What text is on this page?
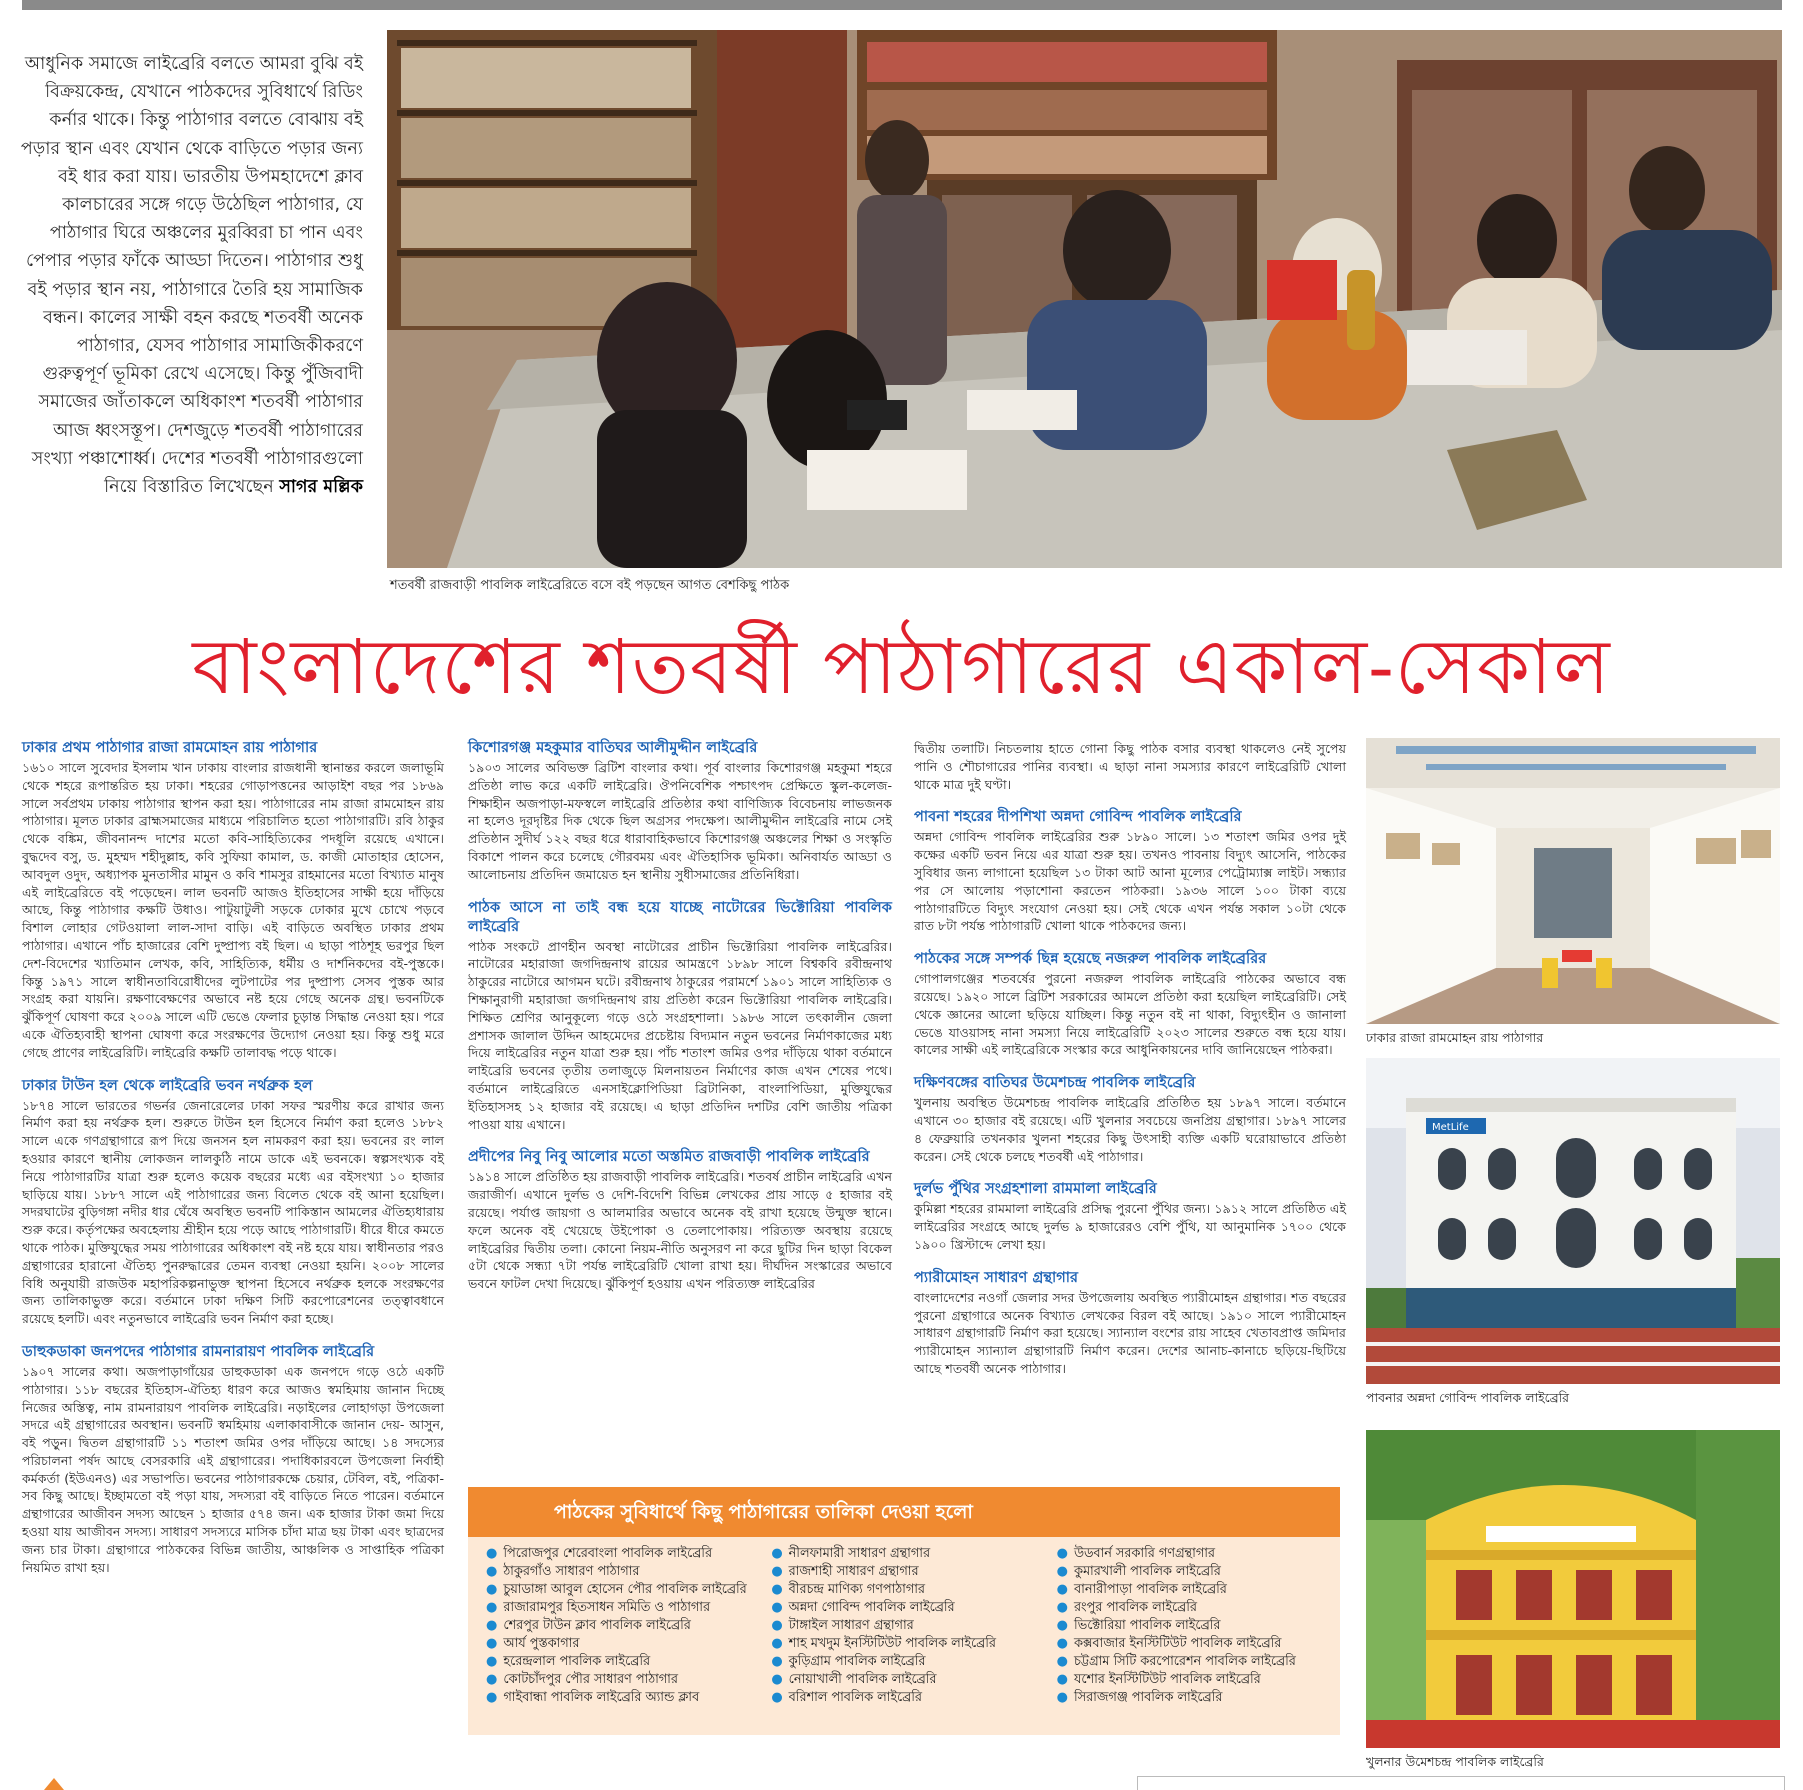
আধুনিক সমাজে লাইব্রেরি বলতে আমরা বুঝি বই বিক্রয়কেন্দ্র, যেখানে পাঠকদের সুবিধার্থে রিডিং কর্নার থাকে। কিন্তু পাঠাগার বলতে বোঝায় বই পড়ার স্থান এবং যেখান থেকে বাড়িতে পড়ার জন্য বই ধার করা যায়। ভারতীয় উপমহাদেশে ক্লাব কালচারের সঙ্গে গড়ে উঠেছিল পাঠাগার, যে পাঠাগার ঘিরে অঞ্চলের মুরব্বিরা চা পান এবং পেপার পড়ার ফাঁকে আড্ডা দিতেন। পাঠাগার শুধু বই পড়ার স্থান নয়, পাঠাগারে তৈরি হয় সামাজিক বন্ধন। কালের সাক্ষী বহন করছে শতবর্ষী অনেক পাঠাগার, যেসব পাঠাগার সামাজিকীকরণে গুরুত্বপূর্ণ ভূমিকা রেখে এসেছে। কিন্তু পুঁজিবাদী সমাজের জাঁতাকলে অধিকাংশ শতবর্ষী পাঠাগার আজ ধ্বংসস্তূপ। দেশজুড়ে শতবর্ষী পাঠাগারের সংখ্যা পঞ্চাশোর্ধ্ব। দেশের শতবর্ষী পাঠাগারগুলো নিয়ে বিস্তারিত লিখেছেন সাগর মল্লিক
শতবর্ষী রাজবাড়ী পাবলিক লাইব্রেরিতে বসে বই পড়ছেন আগত বেশকিছু পাঠক
বাংলাদেশের শতবর্ষী পাঠাগারের একাল-সেকাল
ঢাকার প্রথম পাঠাগার রাজা রামমোহন রায় পাঠাগার
১৬১০ সালে সুবেদার ইসলাম খান ঢাকায় বাংলার রাজধানী স্থানান্তর করলে জলাভূমি থেকে শহরে রূপান্তরিত হয় ঢাকা। শহরের গোড়াপত্তনের আড়াইশ বছর পর ১৮৬৯ সালে সর্বপ্রথম ঢাকায় পাঠাগার স্থাপন করা হয়। পাঠাগারের নাম রাজা রামমোহন রায় পাঠাগার। মূলত ঢাকার ব্রাহ্মসমাজের মাধ্যমে পরিচালিত হতো পাঠাগারটি। রবি ঠাকুর থেকে বঙ্কিম, জীবনানন্দ দাশের মতো কবি-সাহিত্যিকের পদধূলি রয়েছে এখানে। বুদ্ধদেব বসু, ড. মুহম্মদ শহীদুল্লাহ, কবি সুফিয়া কামাল, ড. কাজী মোতাহার হোসেন, আবদুল ওদুদ, অধ্যাপক মুনতাসীর মামুন ও কবি শামসুর রাহমানের মতো বিখ্যাত মানুষ এই লাইব্রেরিতে বই পড়েছেন। লাল ভবনটি আজও ইতিহাসের সাক্ষী হয়ে দাঁড়িয়ে আছে, কিন্তু পাঠাগার কক্ষটি উধাও। পাটুয়াটুলী সড়কে ঢোকার মুখে চোখে পড়বে বিশাল লোহার গেটওয়ালা লাল-সাদা বাড়ি। এই বাড়িতে অবস্থিত ঢাকার প্রথম পাঠাগার। এখানে পাঁচ হাজারের বেশি দুষ্প্রাপ্য বই ছিল। এ ছাড়া পাঠশূহ ভরপুর ছিল দেশ-বিদেশের খ্যাতিমান লেখক, কবি, সাহিত্যিক, ধর্মীয় ও দার্শনিকদের বই-পুস্তকে। কিন্তু ১৯৭১ সালে স্বাধীনতাবিরোধীদের লুটপাটের পর দুষ্প্রাপ্য সেসব পুস্তক আর সংগ্রহ করা যায়নি। রক্ষণাবেক্ষণের অভাবে নষ্ট হয়ে গেছে অনেক গ্রন্থ। ভবনটিকে ঝুঁকিপূর্ণ ঘোষণা করে ২০০৯ সালে এটি ভেঙে ফেলার চূড়ান্ত সিদ্ধান্ত নেওয়া হয়। পরে একে ঐতিহ্যবাহী স্থাপনা ঘোষণা করে সংরক্ষণের উদ্যোগ নেওয়া হয়। কিন্তু শুধু মরে গেছে প্রাণের লাইব্রেরিটি। লাইব্রেরি কক্ষটি তালাবদ্ধ পড়ে থাকে।
ঢাকার টাউন হল থেকে লাইব্রেরি ভবন নর্থব্রুক হল
১৮৭৪ সালে ভারতের গভর্নর জেনারেলের ঢাকা সফর স্মরণীয় করে রাখার জন্য নির্মাণ করা হয় নর্থব্রুক হল। শুরুতে টাউন হল হিসেবে নির্মাণ করা হলেও ১৮৮২ সালে একে গণগ্রন্থাগারে রূপ দিয়ে জনসন হল নামকরণ করা হয়। ভবনের রং লাল হওয়ার কারণে স্থানীয় লোকজন লালকুঠি নামে ডাকে এই ভবনকে। স্বল্পসংখ্যক বই নিয়ে পাঠাগারটির যাত্রা শুরু হলেও কয়েক বছরের মধ্যে এর বইসংখ্যা ১০ হাজার ছাড়িয়ে যায়। ১৮৮৭ সালে এই পাঠাগারের জন্য বিলেত থেকে বই আনা হয়েছিল। সদরঘাটের বুড়িগঙ্গা নদীর ধার ঘেঁষে অবস্থিত ভবনটি পাকিস্তান আমলের ঐতিহ্যধারায় শুরু করে। কর্তৃপক্ষের অবহেলায় শ্রীহীন হয়ে পড়ে আছে পাঠাগারটি। ধীরে ধীরে কমতে থাকে পাঠক। মুক্তিযুদ্ধের সময় পাঠাগারের অধিকাংশ বই নষ্ট হয়ে যায়। স্বাধীনতার পরও গ্রন্থাগারের হারানো ঐতিহ্য পুনরুদ্ধারের তেমন ব্যবস্থা নেওয়া হয়নি। ২০০৮ সালের বিধি অনুযায়ী রাজউক মহাপরিকল্পনাভুক্ত স্থাপনা হিসেবে নর্থব্রুক হলকে সংরক্ষণের জন্য তালিকাভুক্ত করে। বর্তমানে ঢাকা দক্ষিণ সিটি করপোরেশনের তত্ত্বাবধানে রয়েছে হলটি। এবং নতুনভাবে লাইব্রেরি ভবন নির্মাণ করা হচ্ছে।
ডাহুকডাকা জনপদের পাঠাগার রামনারায়ণ পাবলিক লাইব্রেরি
১৯০৭ সালের কথা। অজপাড়াগাঁয়ের ডাহুকডাকা এক জনপদে গড়ে ওঠে একটি পাঠাগার। ১১৮ বছরের ইতিহাস-ঐতিহ্য ধারণ করে আজও স্বমহিমায় জানান দিচ্ছে নিজের অস্তিত্ব, নাম রামনারায়ণ পাবলিক লাইব্রেরি। নড়াইলের লোহাগড়া উপজেলা সদরে এই গ্রন্থাগারের অবস্থান। ভবনটি স্বমহিমায় এলাকাবাসীকে জানান দেয়- আসুন, বই পড়ুন। দ্বিতল গ্রন্থাগারটি ১১ শতাংশ জমির ওপর দাঁড়িয়ে আছে। ১৪ সদস্যের পরিচালনা পর্ষদ আছে বেসরকারি এই গ্রন্থাগারের। পদাধিকারবলে উপজেলা নির্বাহী কর্মকর্তা (ইউএনও) এর সভাপতি। ভবনের পাঠাগারকক্ষে চেয়ার, টেবিল, বই, পত্রিকা- সব কিছু আছে। ইচ্ছামতো বই পড়া যায়, সদস্যরা বই বাড়িতে নিতে পারেন। বর্তমানে গ্রন্থাগারের আজীবন সদস্য আছেন ১ হাজার ৫৭৪ জন। এক হাজার টাকা জমা দিয়ে হওয়া যায় আজীবন সদস্য। সাধারণ সদস্যরে মাসিক চাঁদা মাত্র ছয় টাকা এবং ছাত্রদের জন্য চার টাকা। গ্রন্থাগারে পাঠককের বিভিন্ন জাতীয়, আঞ্চলিক ও সাপ্তাহিক পত্রিকা নিয়মিত রাখা হয়।
কিশোরগঞ্জ মহকুমার বাতিঘর আলীমুদ্দীন লাইব্রেরি
১৯০৩ সালের অবিভক্ত ব্রিটিশ বাংলার কথা। পূর্ব বাংলার কিশোরগঞ্জ মহকুমা শহরে প্রতিষ্ঠা লাভ করে একটি লাইব্রেরি। ঔপনিবেশিক পশ্চাৎপদ প্রেক্ষিতে স্কুল-কলেজ-শিক্ষাহীন অজপাড়া-মফস্বলে লাইব্রেরি প্রতিষ্ঠার কথা বাণিজ্যিক বিবেচনায় লাভজনক না হলেও দূরদৃষ্টির দিক থেকে ছিল অগ্রসর পদক্ষেপ। আলীমুদ্দীন লাইব্রেরি নামে সেই প্রতিষ্ঠান সুদীর্ঘ ১২২ বছর ধরে ধারাবাহিকভাবে কিশোরগঞ্জ অঞ্চলের শিক্ষা ও সংস্কৃতি বিকাশে পালন করে চলেছে গৌরবময় এবং ঐতিহাসিক ভূমিকা। অনিবার্যত আড্ডা ও আলোচনায় প্রতিদিন জমায়েত হন স্থানীয় সুধীসমাজের প্রতিনিধিরা।
পাঠক আসে না তাই বন্ধ হয়ে যাচ্ছে নাটোরের ভিক্টোরিয়া পাবলিক লাইব্রেরি
পাঠক সংকটে প্রাণহীন অবস্থা নাটোরের প্রাচীন ভিক্টোরিয়া পাবলিক লাইব্রেরির। নাটোরের মহারাজা জগদিন্দ্রনাথ রায়ের আমন্ত্রণে ১৮৯৮ সালে বিশ্বকবি রবীন্দ্রনাথ ঠাকুরের নাটোরে আগমন ঘটে। রবীন্দ্রনাথ ঠাকুরের পরামর্শে ১৯০১ সালে সাহিত্যিক ও শিক্ষানুরাগী মহারাজা জগদিন্দ্রনাথ রায় প্রতিষ্ঠা করেন ভিক্টোরিয়া পাবলিক লাইব্রেরি। শিক্ষিত শ্রেণির আনুকূল্যে গড়ে ওঠে সংগ্রহশালা। ১৯৮৬ সালে তৎকালীন জেলা প্রশাসক জালাল উদ্দিন আহমেদের প্রচেষ্টায় বিদ্যমান নতুন ভবনের নির্মাণকাজের মধ্য দিয়ে লাইব্রেরির নতুন যাত্রা শুরু হয়। পাঁচ শতাংশ জমির ওপর দাঁড়িয়ে থাকা বর্তমানে লাইব্রেরি ভবনের তৃতীয় তলাজুড়ে মিলনায়তন নির্মাণের কাজ এখন শেষের পথে। বর্তমানে লাইব্রেরিতে এনসাইক্লোপিডিয়া ব্রিটানিকা, বাংলাপিডিয়া, মুক্তিযুদ্ধের ইতিহাসসহ ১২ হাজার বই রয়েছে। এ ছাড়া প্রতিদিন দশটির বেশি জাতীয় পত্রিকা পাওয়া যায় এখানে।
প্রদীপের নিবু নিবু আলোর মতো অস্তমিত রাজবাড়ী পাবলিক লাইব্রেরি
১৯১৪ সালে প্রতিষ্ঠিত হয় রাজবাড়ী পাবলিক লাইব্রেরি। শতবর্ষ প্রাচীন লাইব্রেরি এখন জরাজীর্ণ। এখানে দুর্লভ ও দেশি-বিদেশি বিভিন্ন লেখকের প্রায় সাড়ে ৫ হাজার বই রয়েছে। পর্যাপ্ত জায়গা ও আলমারির অভাবে অনেক বই রাখা হয়েছে উন্মুক্ত স্থানে। ফলে অনেক বই খেয়েছে উইপোকা ও তেলাপোকায়। পরিত্যক্ত অবস্থায় রয়েছে লাইব্রেরির দ্বিতীয় তলা। কোনো নিয়ম-নীতি অনুসরণ না করে ছুটির দিন ছাড়া বিকেল ৫টা থেকে সন্ধ্যা ৭টা পর্যন্ত লাইব্রেরিটি খোলা রাখা হয়। দীর্ঘদিন সংস্কারের অভাবে ভবনে ফাটল দেখা দিয়েছে। ঝুঁকিপূর্ণ হওয়ায় এখন পরিত্যক্ত লাইব্রেরির
দ্বিতীয় তলাটি। নিচতলায় হাতে গোনা কিছু পাঠক বসার ব্যবস্থা থাকলেও নেই সুপেয় পানি ও শৌচাগারের পানির ব্যবস্থা। এ ছাড়া নানা সমস্যার কারণে লাইব্রেরিটি খোলা থাকে মাত্র দুই ঘণ্টা।
পাবনা শহরের দীপশিখা অন্নদা গোবিন্দ পাবলিক লাইব্রেরি
অন্নদা গোবিন্দ পাবলিক লাইব্রেরির শুরু ১৮৯০ সালে। ১৩ শতাংশ জমির ওপর দুই কক্ষের একটি ভবন নিয়ে এর যাত্রা শুরু হয়। তখনও পাবনায় বিদ্যুৎ আসেনি, পাঠকের সুবিধার জন্য লাগানো হয়েছিল ১৩ টাকা আট আনা মূল্যের পেট্রোম্যাক্স লাইট। সন্ধ্যার পর সে আলোয় পড়াশোনা করতেন পাঠকরা। ১৯৩৬ সালে ১০০ টাকা ব্যয়ে পাঠাগারটিতে বিদ্যুৎ সংযোগ নেওয়া হয়। সেই থেকে এখন পর্যন্ত সকাল ১০টা থেকে রাত ৮টা পর্যন্ত পাঠাগারটি খোলা থাকে পাঠকদের জন্য।
পাঠকের সঙ্গে সম্পর্ক ছিন্ন হয়েছে নজরুল পাবলিক লাইব্রেরির
গোপালগঞ্জের শতবর্ষের পুরনো নজরুল পাবলিক লাইব্রেরি পাঠকের অভাবে বন্ধ রয়েছে। ১৯২০ সালে ব্রিটিশ সরকারের আমলে প্রতিষ্ঠা করা হয়েছিল লাইব্রেরিটি। সেই থেকে জ্ঞানের আলো ছড়িয়ে যাচ্ছিল। কিন্তু নতুন বই না থাকা, বিদ্যুৎহীন ও জানালা ভেঙে যাওয়াসহ নানা সমস্যা নিয়ে লাইব্রেরিটি ২০২৩ সালের শুরুতে বন্ধ হয়ে যায়। কালের সাক্ষী এই লাইব্রেরিকে সংস্কার করে আধুনিকায়নের দাবি জানিয়েছেন পাঠকরা।
দক্ষিণবঙ্গের বাতিঘর উমেশচন্দ্র পাবলিক লাইব্রেরি
খুলনায় অবস্থিত উমেশচন্দ্র পাবলিক লাইব্রেরি প্রতিষ্ঠিত হয় ১৮৯৭ সালে। বর্তমানে এখানে ৩০ হাজার বই রয়েছে। এটি খুলনার সবচেয়ে জনপ্রিয় গ্রন্থাগার। ১৮৯৭ সালের ৪ ফেব্রুয়ারি তখনকার খুলনা শহরের কিছু উৎসাহী ব্যক্তি একটি ঘরোয়াভাবে প্রতিষ্ঠা করেন। সেই থেকে চলছে শতবর্ষী এই পাঠাগার।
দুর্লভ পুঁথির সংগ্রহশালা রামমালা লাইব্রেরি
কুমিল্লা শহরের রামমালা লাইব্রেরি প্রসিদ্ধ পুরনো পুঁথির জন্য। ১৯১২ সালে প্রতিষ্ঠিত এই লাইব্রেরির সংগ্রহে আছে দুর্লভ ৯ হাজারেরও বেশি পুঁথি, যা আনুমানিক ১৭০০ থেকে ১৯০০ খ্রিস্টাব্দে লেখা হয়।
প্যারীমোহন সাধারণ গ্রন্থাগার
বাংলাদেশের নওগাঁ জেলার সদর উপজেলায় অবস্থিত প্যারীমোহন গ্রন্থাগার। শত বছরের পুরনো গ্রন্থাগারে অনেক বিখ্যাত লেখকের বিরল বই আছে। ১৯১০ সালে প্যারীমোহন সাধারণ গ্রন্থাগারটি নির্মাণ করা হয়েছে। স্যান্যাল বংশের রায় সাহেব খেতাবপ্রাপ্ত জমিদার প্যারীমোহন স্যান্যাল গ্রন্থাগারটি নির্মাণ করেন। দেশের আনাচ-কানাচে ছড়িয়ে-ছিটিয়ে আছে শতবর্ষী অনেক পাঠাগার।
ঢাকার রাজা রামমোহন রায় পাঠাগার
MetLife
পাবনার অন্নদা গোবিন্দ পাবলিক লাইব্রেরি
খুলনার উমেশচন্দ্র পাবলিক লাইব্রেরি
পাঠকের সুবিধার্থে কিছু পাঠাগারের তালিকা দেওয়া হলো
● পিরোজপুর শেরেবাংলা পাবলিক লাইব্রেরি
● ঠাকুরগাঁও সাধারণ পাঠাগার
● চুয়াডাঙ্গা আবুল হোসেন পৌর পাবলিক লাইব্রেরি
● রাজারামপুর হিতসাধন সমিতি ও পাঠাগার
● শেরপুর টাউন ক্লাব পাবলিক লাইব্রেরি
● আর্য পুস্তকাগার
● হরেন্দ্রলাল পাবলিক লাইব্রেরি
● কোটচাঁদপুর পৌর সাধারণ পাঠাগার
● গাইবান্ধা পাবলিক লাইব্রেরি অ্যান্ড ক্লাব
● নীলফামারী সাধারণ গ্রন্থাগার
● রাজশাহী সাধারণ গ্রন্থাগার
● বীরচন্দ্র মাণিক্য গণপাঠাগার
● অন্নদা গোবিন্দ পাবলিক লাইব্রেরি
● টাঙ্গাইল সাধারণ গ্রন্থাগার
● শাহ মখদুম ইনস্টিটিউট পাবলিক লাইব্রেরি
● কুড়িগ্রাম পাবলিক লাইব্রেরি
● নোয়াখালী পাবলিক লাইব্রেরি
● বরিশাল পাবলিক লাইব্রেরি
● উডবার্ন সরকারি গণগ্রন্থাগার
● কুমারখালী পাবলিক লাইব্রেরি
● বানারীপাড়া পাবলিক লাইব্রেরি
● রংপুর পাবলিক লাইব্রেরি
● ভিক্টোরিয়া পাবলিক লাইব্রেরি
● কক্সবাজার ইনস্টিটিউট পাবলিক লাইব্রেরি
● চট্টগ্রাম সিটি করপোরেশন পাবলিক লাইব্রেরি
● যশোর ইনস্টিটিউট পাবলিক লাইব্রেরি
● সিরাজগঞ্জ পাবলিক লাইব্রেরি
